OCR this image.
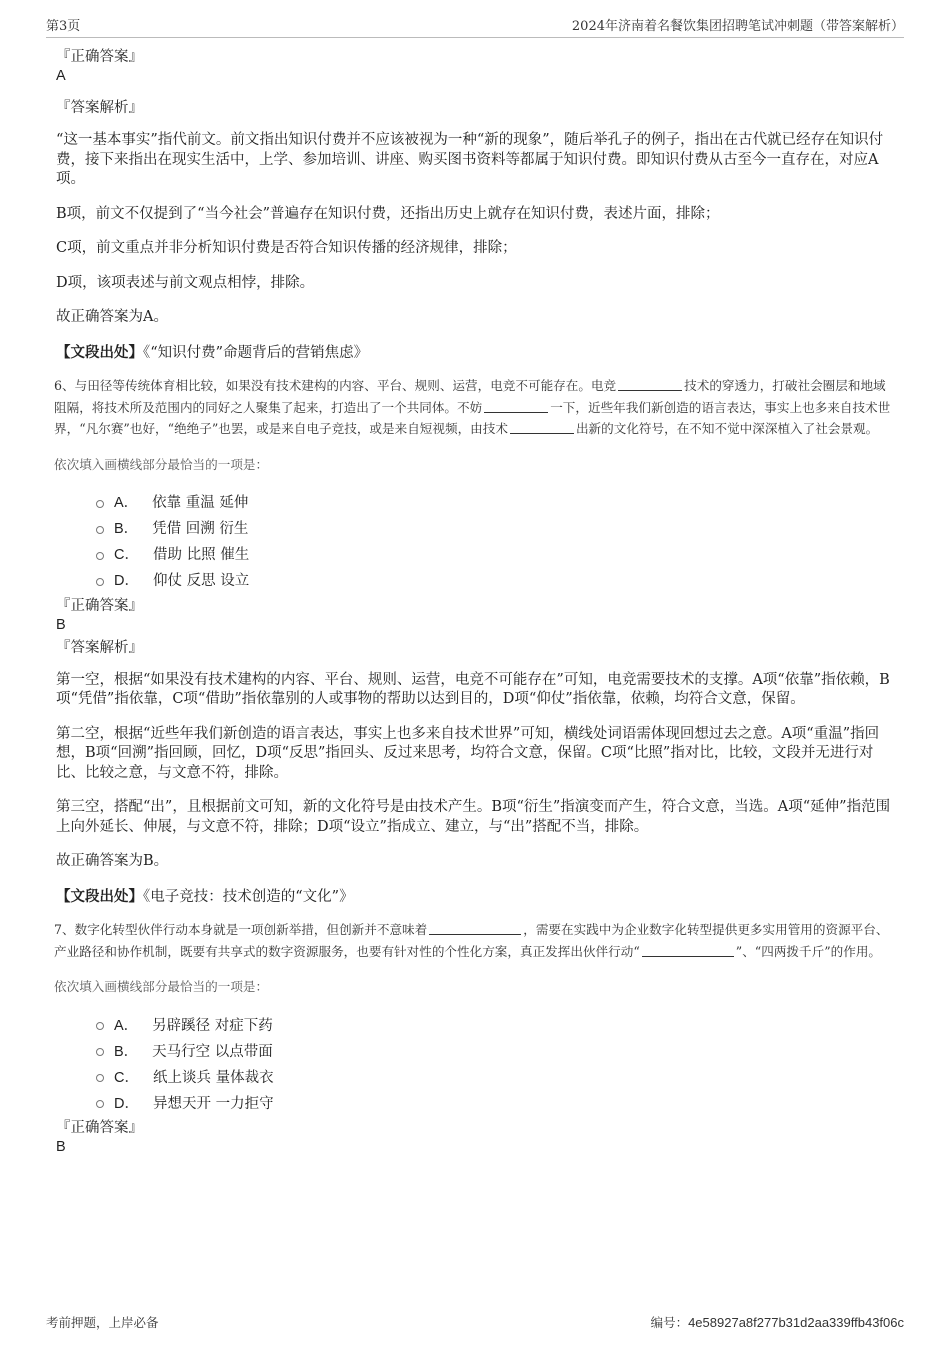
第3页	2024年济南着名餐饮集团招聘笔试冲刺题（带答案解析）
『正确答案』
A
『答案解析』

“这一基本事实”指代前文。前文指出知识付费并不应该被视为一种“新的现象”，随后举孔子的例子，指出在古代就已经存在知识付费，接下来指出在现实生活中，上学、参加培训、讲座、购买图书资料等都属于知识付费。即知识付费从古至今一直存在，对应A项。

B项，前文不仅提到了“当今社会”普遍存在知识付费，还指出历史上就存在知识付费，表述片面，排除；

C项，前文重点并非分析知识付费是否符合知识传播的经济规律，排除；

D项，该项表述与前文观点相悖，排除。

故正确答案为A。

【文段出处】《“知识付费”命题背后的营销焦虑》

6、与田径等传统体育相比较，如果没有技术建构的内容、平台、规则、运营，电竞不可能存在。电竞	技术的穿透力，打破社会圈层和地域阻隔，将技术所及范围内的同好之人聚集了起来，打造出了一个共同体。不妨	一下，近些年我们新创造的语言表达，事实上也多来自技术世界，“凡尔赛”也好，“绝绝子”也罢，或是来自电子竞技，或是来自短视频，由技术	出新的文化符号，在不知不觉中深深植入了社会景观。

依次填入画横线部分最恰当的一项是：

A． 依靠 重温 延伸
B． 凭借 回溯 衍生
C． 借助 比照 催生
D． 仰仗 反思 设立
『正确答案』
B
『答案解析』

第一空，根据“如果没有技术建构的内容、平台、规则、运营，电竞不可能存在”可知，电竞需要技术的支撑。A项“依靠”指依赖，B项“凭借”指依靠，C项“借助”指依靠别的人或事物的帮助以达到目的，D项“仰仗”指依靠，依赖，均符合文意，保留。

第二空，根据“近些年我们新创造的语言表达，事实上也多来自技术世界”可知，横线处词语需体现回想过去之意。A项“重温”指回想，B项“回溯”指回顾，回忆，D项“反思”指回头、反过来思考，均符合文意，保留。C项“比照”指对比，比较，文段并无进行对比、比较之意，与文意不符，排除。

第三空，搭配“出”，且根据前文可知，新的文化符号是由技术产生。B项“衍生”指演变而产生，符合文意，当选。A项“延伸”指范围上向外延长、伸展，与文意不符，排除；D项“设立”指成立、建立，与“出”搭配不当，排除。

故正确答案为B。

【文段出处】《电子竞技：技术创造的“文化”》

7、数字化转型伙伴行动本身就是一项创新举措，但创新并不意味着	，需要在实践中为企业数字化转型提供更多实用管用的资源平台、产业路径和协作机制，既要有共享式的数字资源服务，也要有针对性的个性化方案，真正发挥出伙伴行动“	”、“四两拨千斤”的作用。

依次填入画横线部分最恰当的一项是：

A． 另辟蹊径 对症下药
B． 天马行空 以点带面
C． 纸上谈兵 量体裁衣
D． 异想天开 一力拒守
『正确答案』
B
考前押题，上岸必备	编号：4e58927a8f277b31d2aa339ffb43f06c
